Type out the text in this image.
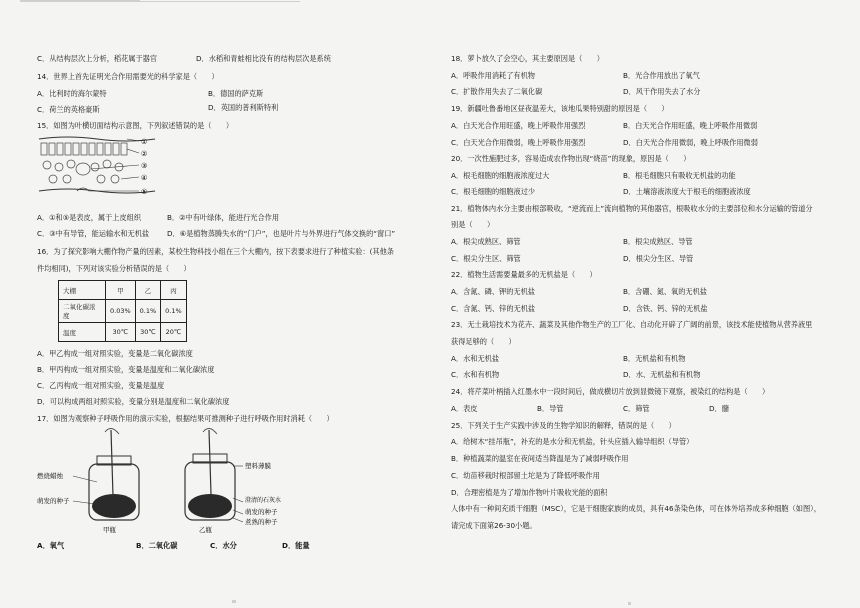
C．从结构层次上分析，稻花属于器官	D．水稻和青蛙相比没有的结构层次是系统
14．世界上首先证明光合作用需要光的科学家是（　　）
A．比利时的海尔蒙特	B．德国的萨克斯
C．荷兰的英格豪斯	D．英国的普利斯特利
15．如图为叶横切面结构示意图，下列叙述错误的是（　　）
①
②
③
④
⑤
A．①和⑤是表皮，属于上皮组织	B．②中有叶绿体，能进行光合作用
C．③中有导管，能运输水和无机盐 D．⑥是植物蒸腾失水的“门户”，也是叶片与外界进行气体交换的“窗口”
16．为了探究影响大棚作物产量的因素，某校生物科技小组在三个大棚内，按下表要求进行了种植实验：(其他条
件均相同)，下列对该实验分析错误的是（　　）
大棚	甲	乙	丙
二氧化碳浓度	0.03%	0.1%	0.1%
温度	30℃	30℃	20℃
A．甲乙构成一组对照实验，变量是二氧化碳浓度
B．甲丙构成一组对照实验，变量是温度和二氧化碳浓度
C．乙丙构成一组对照实验，变量是温度
D．可以构成两组对照实验，变量分别是温度和二氧化碳浓度
17．如图为观察种子呼吸作用的演示实验，根据结果可推测种子进行呼吸作用时消耗（　　）
燃烧蜡烛
萌发的种子
塑料薄膜
澄清的石灰水
萌发的种子
煮熟的种子
甲瓶	乙瓶
A．氧气	B．二氧化碳	C．水分	D．能量
18．萝卜放久了会空心，其主要原因是（　　）
A．呼吸作用消耗了有机物	B．光合作用放出了氧气
C．扩散作用失去了二氧化碳	D．风干作用失去了水分
19．新疆吐鲁番地区昼夜温差大，该地瓜果特别甜的原因是（　　）
A．白天光合作用旺盛，晚上呼吸作用强烈	B．白天光合作用旺盛，晚上呼吸作用微弱
C．白天光合作用微弱，晚上呼吸作用强烈	D．白天光合作用微弱，晚上呼吸作用微弱
20．一次性施肥过多，容易造成农作物出现“烧苗”的现象，原因是（　　）
A．根毛细胞的细胞液浓度过大	B．根毛细胞只有吸收无机盐的功能
C．根毛细胞的细胞液过少	D．土壤溶液浓度大于根毛的细胞液浓度
21．植物体内水分主要由根部吸收，“逆流而上”流向植物的其他器官，根吸收水分的主要部位和水分运输的管道分
别是（　　）
A．根尖成熟区、筛管	B．根尖成熟区、导管
C．根尖分生区、筛管	D．根尖分生区、导管
22．植物生活需要量最多的无机盐是（　　）
A．含氮、磷、钾的无机盐	B．含硼、氮、氧的无机盐
C．含氮、钙、锌的无机盐	D．含铁、钙、锌的无机盐
23．无土栽培技术为花卉、蔬菜及其他作物生产的工厂化、自动化开辟了广阔的前景，该技术能使植物从营养液里
获得足够的（　　）
A．水和无机盐	B．无机盐和有机物
C．水和有机物	D．水、无机盐和有机物
24．将芹菜叶柄插入红墨水中一段时间后，做成横切片放到显微镜下观察，被染红的结构是（　　）
A．表皮	B．导管	C．筛管	D．髓
25．下列关于生产实践中涉及的生物学知识的解释，错误的是（　　）
A．给树木“挂吊瓶”，补充的是水分和无机盐，针头应插入输导组织（导管）
B．种植蔬菜的温室在夜间适当降温是为了减弱呼吸作用
C．幼苗移栽时根部留土坨是为了降低呼吸作用
D．合理密植是为了增加作物叶片吸收光能的面积
人体中有一种间充质干细胞（MSC），它是干细胞家族的成员，具有46条染色体，可在体外培养成多种细胞（如图），
请完成下面第26-30小题。
